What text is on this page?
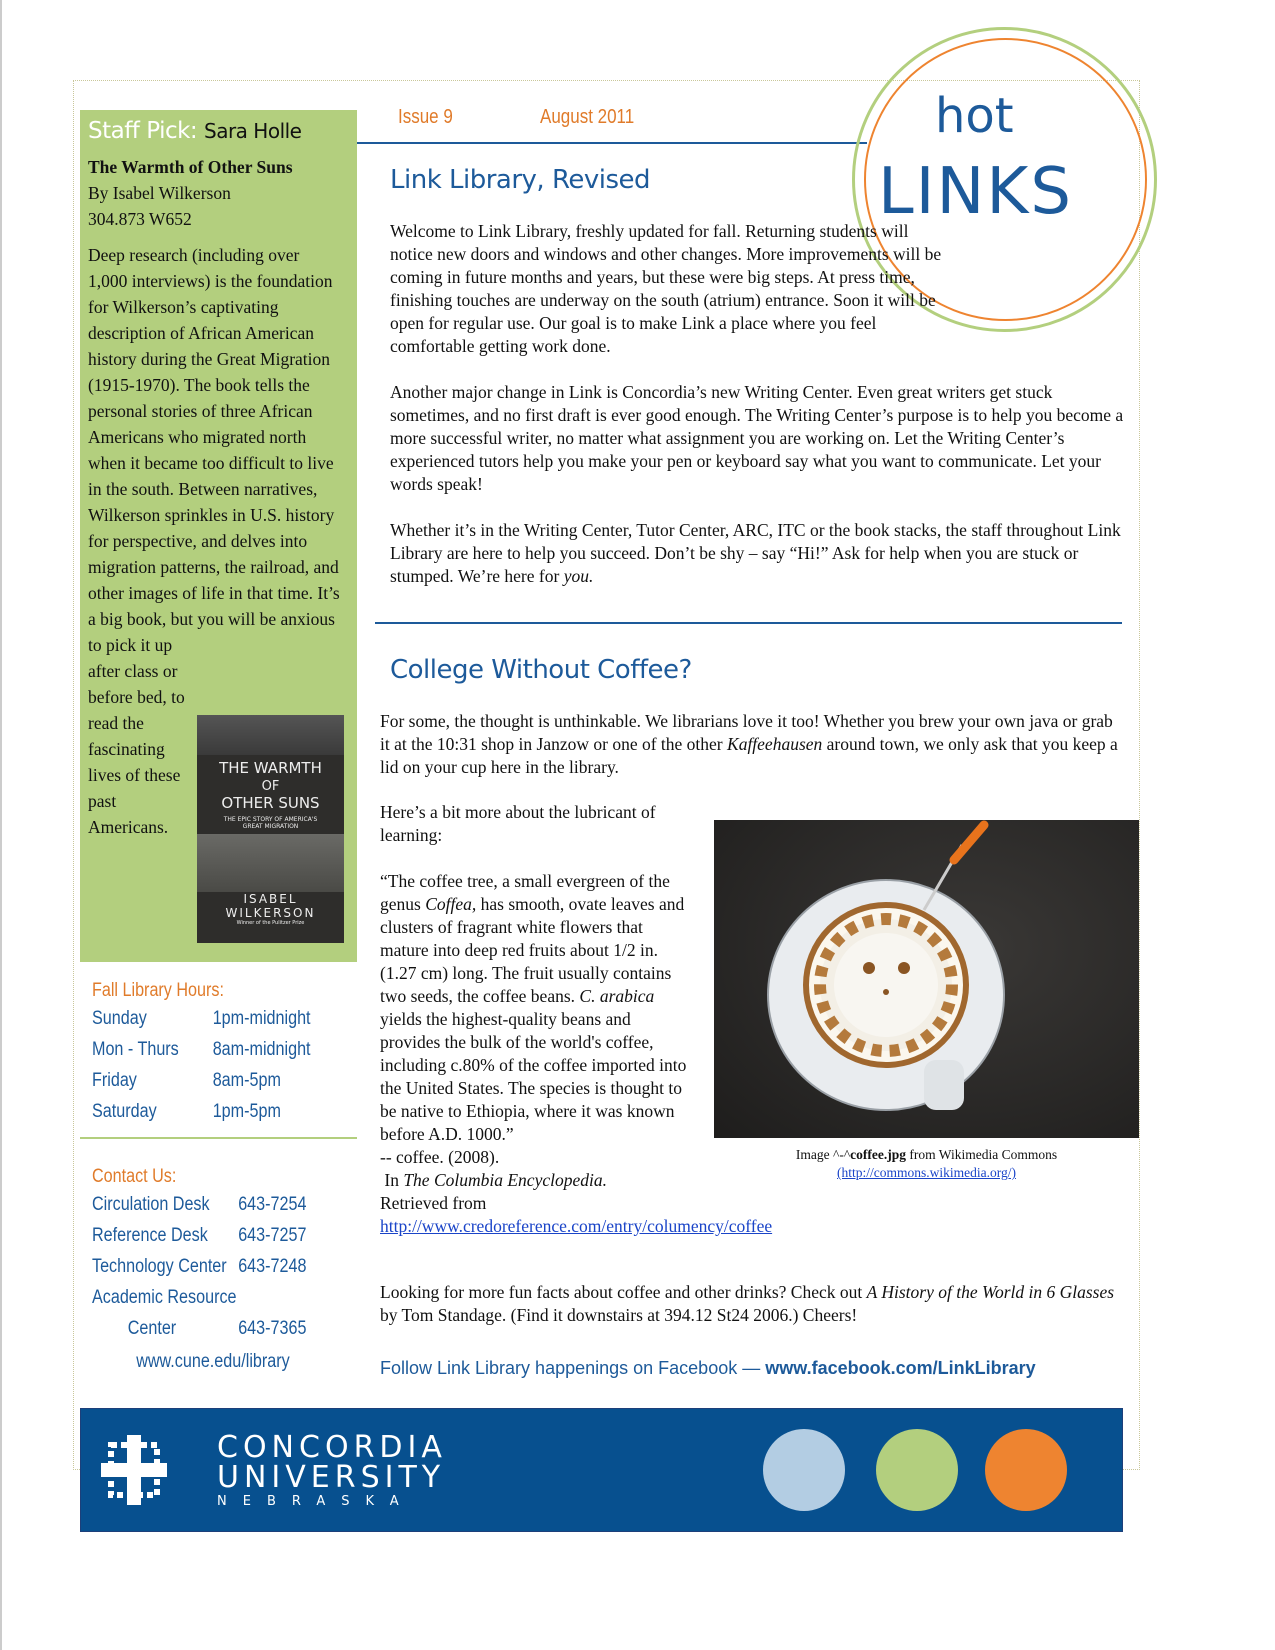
Staff Pick: Sara Holle

The Warmth of Other Suns

By Isabel Wilkerson

304.873 W652

Deep research (including over 1,000 interviews) is the foundation for Wilkerson’s captivating description of African American history during the Great Migration (1915-1970). The book tells the personal stories of three African Americans who migrated north when it became too difficult to live in the south. Between narratives, Wilkerson sprinkles in U.S. history for perspective, and delves into migration patterns, the railroad, and other images of life in that time. It’s a big book, but you will be anxious

to pick it up after class or before bed, to read the fascinating lives of these past Americans.

THE WARMTH
OF
OTHER SUNS
THE EPIC STORY OF AMERICA'S GREAT MIGRATION
ISABEL
WILKERSON
Winner of the Pulitzer Prize
Fall Library Hours:
Sunday	1pm-midnight
Mon - Thurs	8am-midnight
Friday	8am-5pm
Saturday	1pm-5pm
Contact Us:
Circulation Desk	643-7254
Reference Desk	643-7257
Technology Center 643-7248
Academic Resource
Center	643-7365
www.cune.edu/library
Issue 9	August 2011	hot
LINKS
Link Library, Revised

Welcome to Link Library, freshly updated for fall. Returning students will notice new doors and windows and other changes. More improvements will be coming in future months and years, but these were big steps. At press time, finishing touches are underway on the south (atrium) entrance. Soon it will be open for regular use. Our goal is to make Link a place where you feel comfortable getting work done.

Another major change in Link is Concordia’s new Writing Center. Even great writers get stuck sometimes, and no first draft is ever good enough. The Writing Center’s purpose is to help you become a more successful writer, no matter what assignment you are working on. Let the Writing Center’s experienced tutors help you make your pen or keyboard say what you want to communicate. Let your words speak!

Whether it’s in the Writing Center, Tutor Center, ARC, ITC or the book stacks, the staff throughout Link Library are here to help you succeed. Don’t be shy – say “Hi!” Ask for help when you are stuck or stumped. We’re here for you.

College Without Coffee?
For some, the thought is unthinkable. We librarians love it too! Whether you brew your own java or grab it at the 10:31 shop in Janzow or one of the other Kaffeehausen around town, we only ask that you keep a lid on your cup here in the library.

Here’s a bit more about the lubricant of learning:

“The coffee tree, a small evergreen of the genus Coffea, has smooth, ovate leaves and clusters of fragrant white flowers that mature into deep red fruits about 1/2 in. (1.27 cm) long. The fruit usually contains two seeds, the coffee beans. C. arabica yields the highest-quality beans and provides the bulk of the world's coffee, including c.80% of the coffee imported into the United States. The species is thought to be native to Ethiopia, where it was known before A.D. 1000.”
-- coffee. (2008).
In The Columbia Encyclopedia.
Retrieved from
http://www.credoreference.com/entry/columency/coffee
Image ^-^coffee.jpg from Wikimedia Commons
(http://commons.wikimedia.org/)
Looking for more fun facts about coffee and other drinks? Check out A History of the World in 6 Glasses by Tom Standage. (Find it downstairs at 394.12 St24 2006.) Cheers!
Follow Link Library happenings on Facebook — www.facebook.com/LinkLibrary
CONCORDIA
UNIVERSITY
NEBRASKA
